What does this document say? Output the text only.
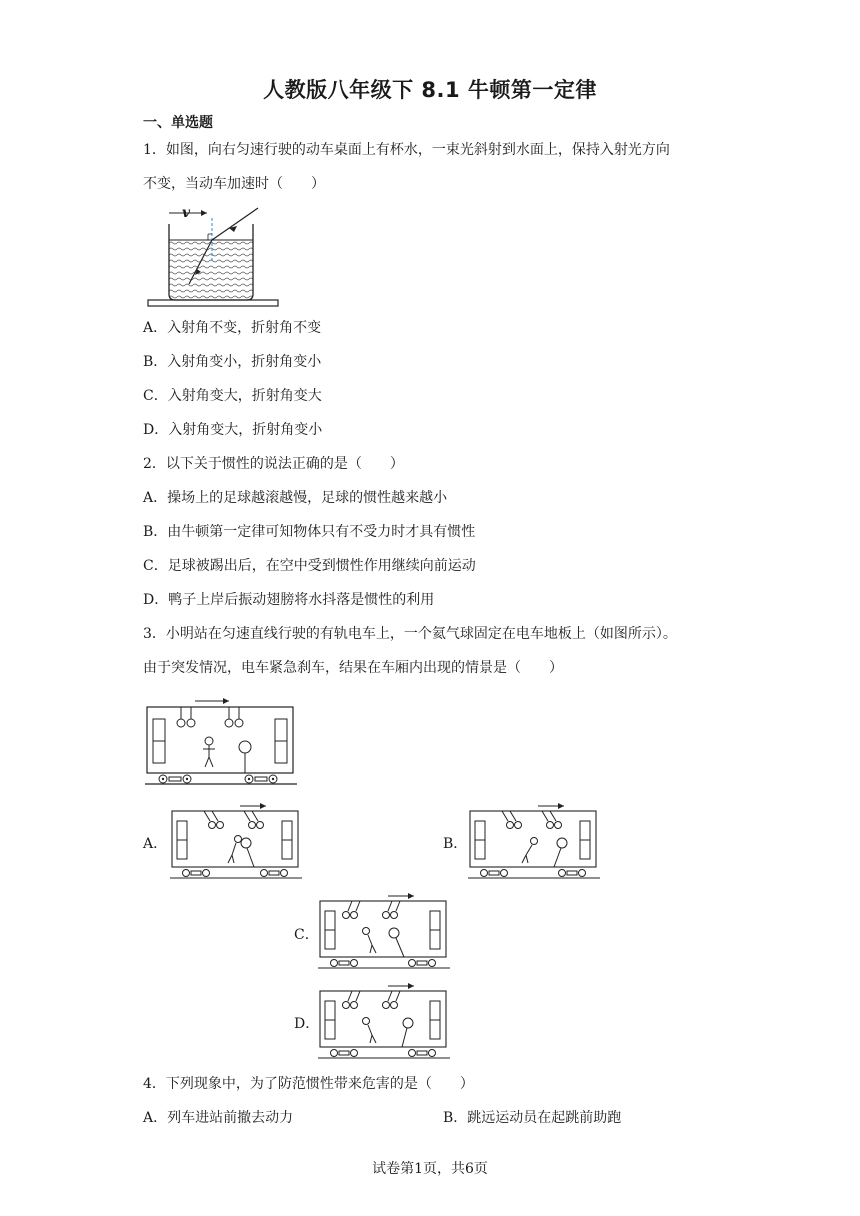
人教版八年级下 8.1 牛顿第一定律
一、单选题
1．如图，向右匀速行驶的动车桌面上有杯水，一束光斜射到水面上，保持入射光方向
不变，当动车加速时（　　）
v
A．入射角不变，折射角不变
B．入射角变小，折射角变小
C．入射角变大，折射角变大
D．入射角变大，折射角变小
2．以下关于惯性的说法正确的是（　　）
A．操场上的足球越滚越慢，足球的惯性越来越小
B．由牛顿第一定律可知物体只有不受力时才具有惯性
C．足球被踢出后，在空中受到惯性作用继续向前运动
D．鸭子上岸后振动翅膀将水抖落是惯性的利用
3．小明站在匀速直线行驶的有轨电车上，一个氦气球固定在电车地板上（如图所示）。
由于突发情况，电车紧急刹车，结果在车厢内出现的情景是（　　）
A．	B．
C．
D．
4．下列现象中，为了防范惯性带来危害的是（　　）
A．列车进站前撤去动力	B．跳远运动员在起跳前助跑
试卷第1页，共6页
